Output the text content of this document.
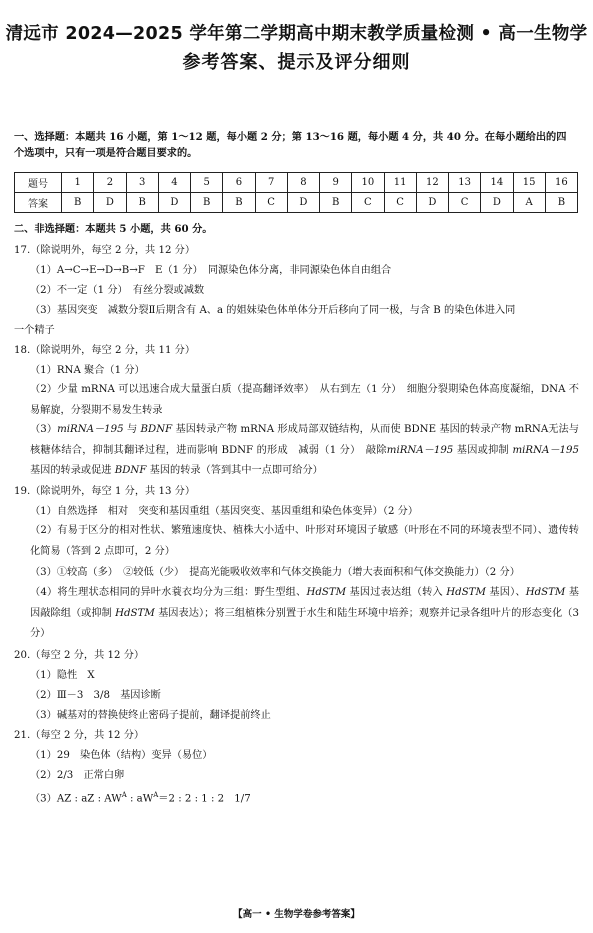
清远市 2024—2025 学年第二学期高中期末教学质量检测 • 高一生物学
参考答案、提示及评分细则
一、选择题：本题共 16 小题，第 1～12 题，每小题 2 分；第 13～16 题，每小题 4 分，共 40 分。在每小题给出的四
个选项中，只有一项是符合题目要求的。
题号	1	2	3	4	5	6	7	8	9	10	11	12	13	14	15	16
答案	B	D	B	D	B	B	C	D	B	C	C	D	C	D	A	B
二、非选择题：本题共 5 小题，共 60 分。
17.（除说明外，每空 2 分，共 12 分）
（1）A→C→E→D→B→F　E（1 分）　同源染色体分离，非同源染色体自由组合
（2）不一定（1 分）　有丝分裂或减数
（3）基因突变　减数分裂Ⅱ后期含有 A、a 的姐妹染色体单体分开后移向了同一极，与含 B 的染色体进入同
一个精子
18.（除说明外，每空 2 分，共 11 分）
（1）RNA 聚合（1 分）
（2）少量 mRNA 可以迅速合成大量蛋白质（提高翻译效率）　从右到左（1 分）　细胞分裂期染色体高度凝缩，DNA 不易解旋，分裂期不易发生转录
（3）miRNA－195 与 BDNF 基因转录产物 mRNA 形成局部双链结构，从而使 BDNE 基因的转录产物 mRNA无法与核糖体结合，抑制其翻译过程，进而影响 BDNF 的形成　减弱（1 分）　敲除miRNA－195 基因或抑制 miRNA－195 基因的转录或促进 BDNF 基因的转录（答到其中一点即可给分）
19.（除说明外，每空 1 分，共 13 分）
（1）自然选择　相对　突变和基因重组（基因突变、基因重组和染色体变异）（2 分）
（2）有易于区分的相对性状、繁殖速度快、植株大小适中、叶形对环境因子敏感（叶形在不同的环境表型不同）、遗传转化简易（答到 2 点即可，2 分）
（3）①较高（多）　②较低（少）　提高光能吸收效率和气体交换能力（增大表面积和气体交换能力）（2 分）
（4）将生理状态相同的异叶水蓑衣均分为三组：野生型组、HdSTM 基因过表达组（转入 HdSTM 基因）、HdSTM 基因敲除组（或抑制 HdSTM 基因表达）；将三组植株分别置于水生和陆生环境中培养；观察并记录各组叶片的形态变化（3 分）
20.（每空 2 分，共 12 分）
（1）隐性　X
（2）Ⅲ－3　3/8　基因诊断
（3）碱基对的替换使终止密码子提前，翻译提前终止
21.（每空 2 分，共 12 分）
（1）29　染色体（结构）变异（易位）
（2）2/3　正常白卵
（3）AZ : aZ : $AW^A$ : $aW^A=2$ : 2 : 1 : 2　1/7
【高一 • 生物学卷参考答案】
